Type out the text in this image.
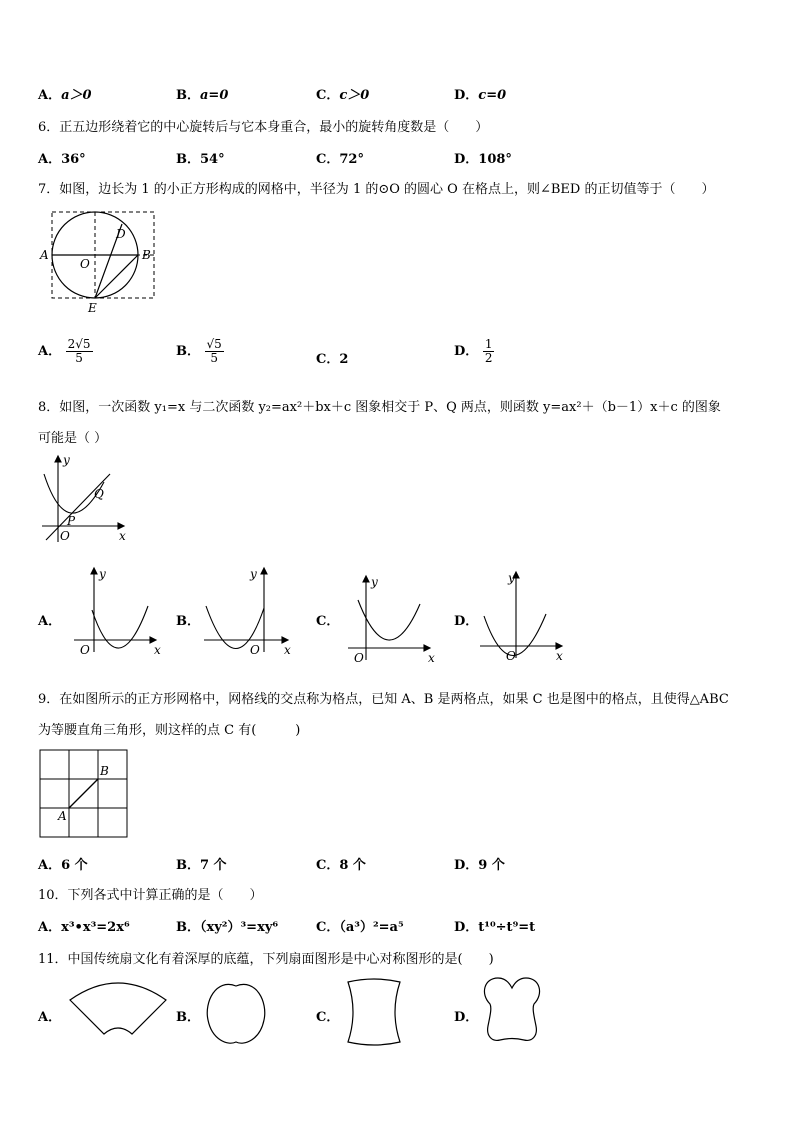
A．a＞0	B．a=0	C．c＞0	D．c=0
6．正五边形绕着它的中心旋转后与它本身重合，最小的旋转角度数是（　　）
A．36°	B．54°	C．72°	D．108°
7．如图，边长为 1 的小正方形构成的网格中，半径为 1 的⊙O 的圆心 O 在格点上，则∠BED 的正切值等于（　　）
A	B
D
O
E
A． $\frac{2√5}{5}$	B． $\frac{√5}{5}$	C．2
D． $\frac{1}{2}$
8．如图，一次函数 y₁=x 与二次函数 y₂=ax²＋bx＋c 图象相交于 P、Q 两点，则函数 y=ax²＋（b－1）x＋c 的图象
可能是（ ）
y
x
O
P
Q
A．
y
x
O
B．
y
x
O
C．
y
x
O
D．
y
x
O
9．在如图所示的正方形网格中，网格线的交点称为格点，已知 A、B 是两格点，如果 C 也是图中的格点，且使得△ABC
为等腰直角三角形，则这样的点 C 有(　　　)
A
B
A．6 个	B．7 个	C．8 个	D．9 个
10．下列各式中计算正确的是（　　）
A．x³•x³=2x⁶	B．（xy²）³=xy⁶	C．（a³）²=a⁵	D．t¹⁰÷t⁹=t
11．中国传统扇文化有着深厚的底蕴，下列扇面图形是中心对称图形的是(　　)
A．	B．	C．	D．
